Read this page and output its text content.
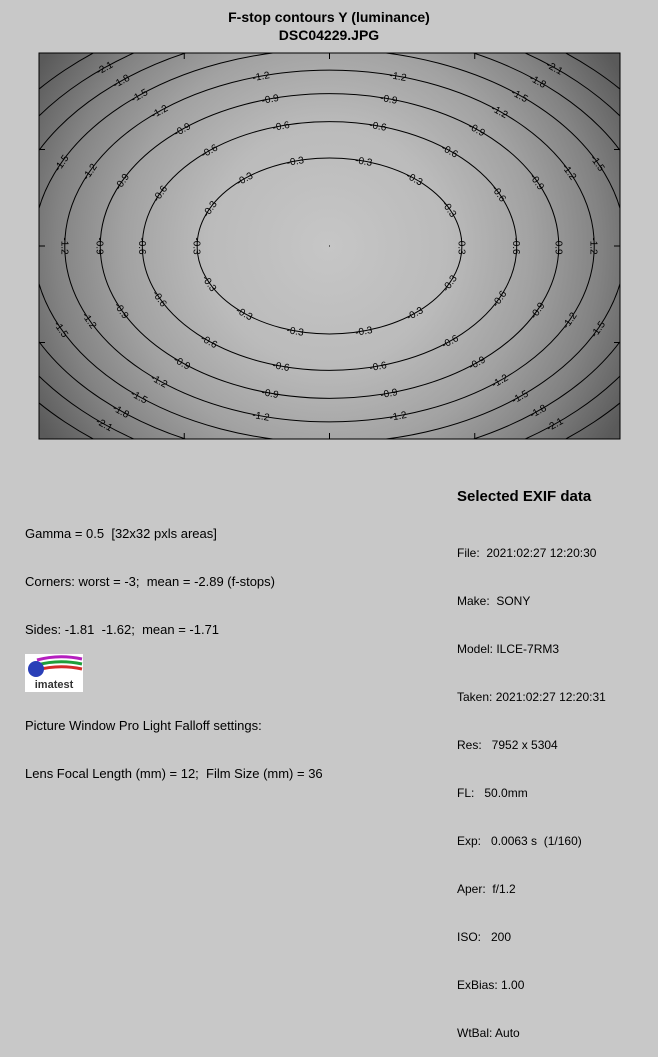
F-stop contours Y (luminance)
DSC04229.JPG
-0.3
-0.3
-0.3
-0.3
-0.3
-0.3
-0.3
-0.3
-0.3
-0.3
-0.3
-0.3
-0.3
-0.3
-0.6
-0.6
-0.6
-0.6
-0.6
-0.6
-0.6
-0.6
-0.6
-0.6
-0.6
-0.6
-0.6
-0.6
-0.9
-0.9
-0.9
-0.9
-0.9
-0.9
-0.9
-0.9
-0.9
-0.9
-0.9
-0.9
-0.9
-0.9
-1.2
-1.2
-1.2
-1.2
-1.2
-1.2
-1.2
-1.2
-1.2
-1.2
-1.2
-1.2
-1.2
-1.2
-1.5
-1.5
-1.5
-1.5
-1.5
-1.5
-1.5
-1.5
-1.8
-1.8
-1.8
-1.8
-2.1
-2.1
-2.1
-2.1

Gamma = 0.5  [32x32 pxls areas]

Corners: worst = -3;  mean = -2.89 (f-stops)

Sides: -1.81  -1.62;  mean = -1.71

Picture Window Pro Light Falloff settings:

Lens Focal Length (mm) = 12;  Film Size (mm) = 36

Selected EXIF data

File:  2021:02:27 12:20:30

Make:  SONY

Model: ILCE-7RM3

Taken: 2021:02:27 12:20:31

Res:   7952 x 5304

FL:   50.0mm

Exp:   0.0063 s  (1/160)

Aper:  f/1.2

ISO:   200

ExBias: 1.00

WtBal: Auto

imatest
